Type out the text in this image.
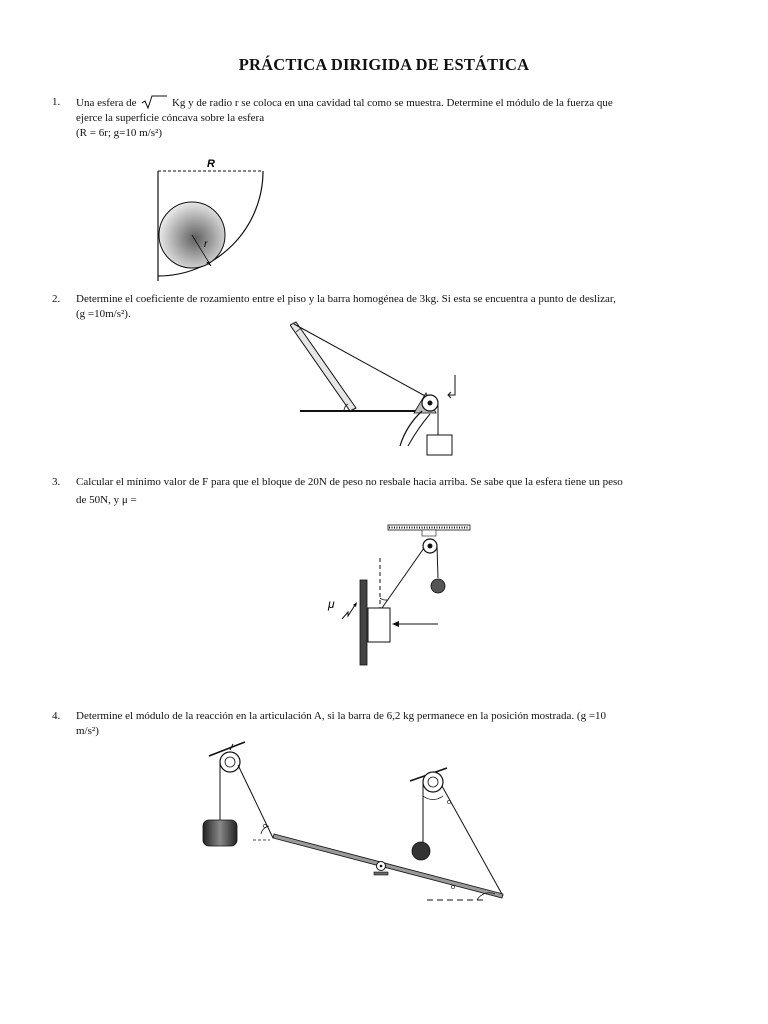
PRÁCTICA DIRIGIDA DE ESTÁTICA
1. Una esfera de	Kg y de radio r se coloca en una cavidad tal como se muestra. Determine el módulo de la fuerza que
ejerce la superficie cóncava sobre la esfera
(R = 6r; g=10 m/s²)
R
r
2. Determine el coeficiente de rozamiento entre el piso y la barra homogénea de 3kg. Si esta se encuentra a punto de deslizar,
(g =10m/s²).
3. Calcular el mínimo valor de F para que el bloque de 20N de peso no resbale hacia arriba. Se sabe que la esfera tiene un peso
de 50N, y μ =
μ
4. Determine el módulo de la reacción en la articulación A, si la barra de 6,2 kg permanece en la posición mostrada. (g =10
m/s²)
